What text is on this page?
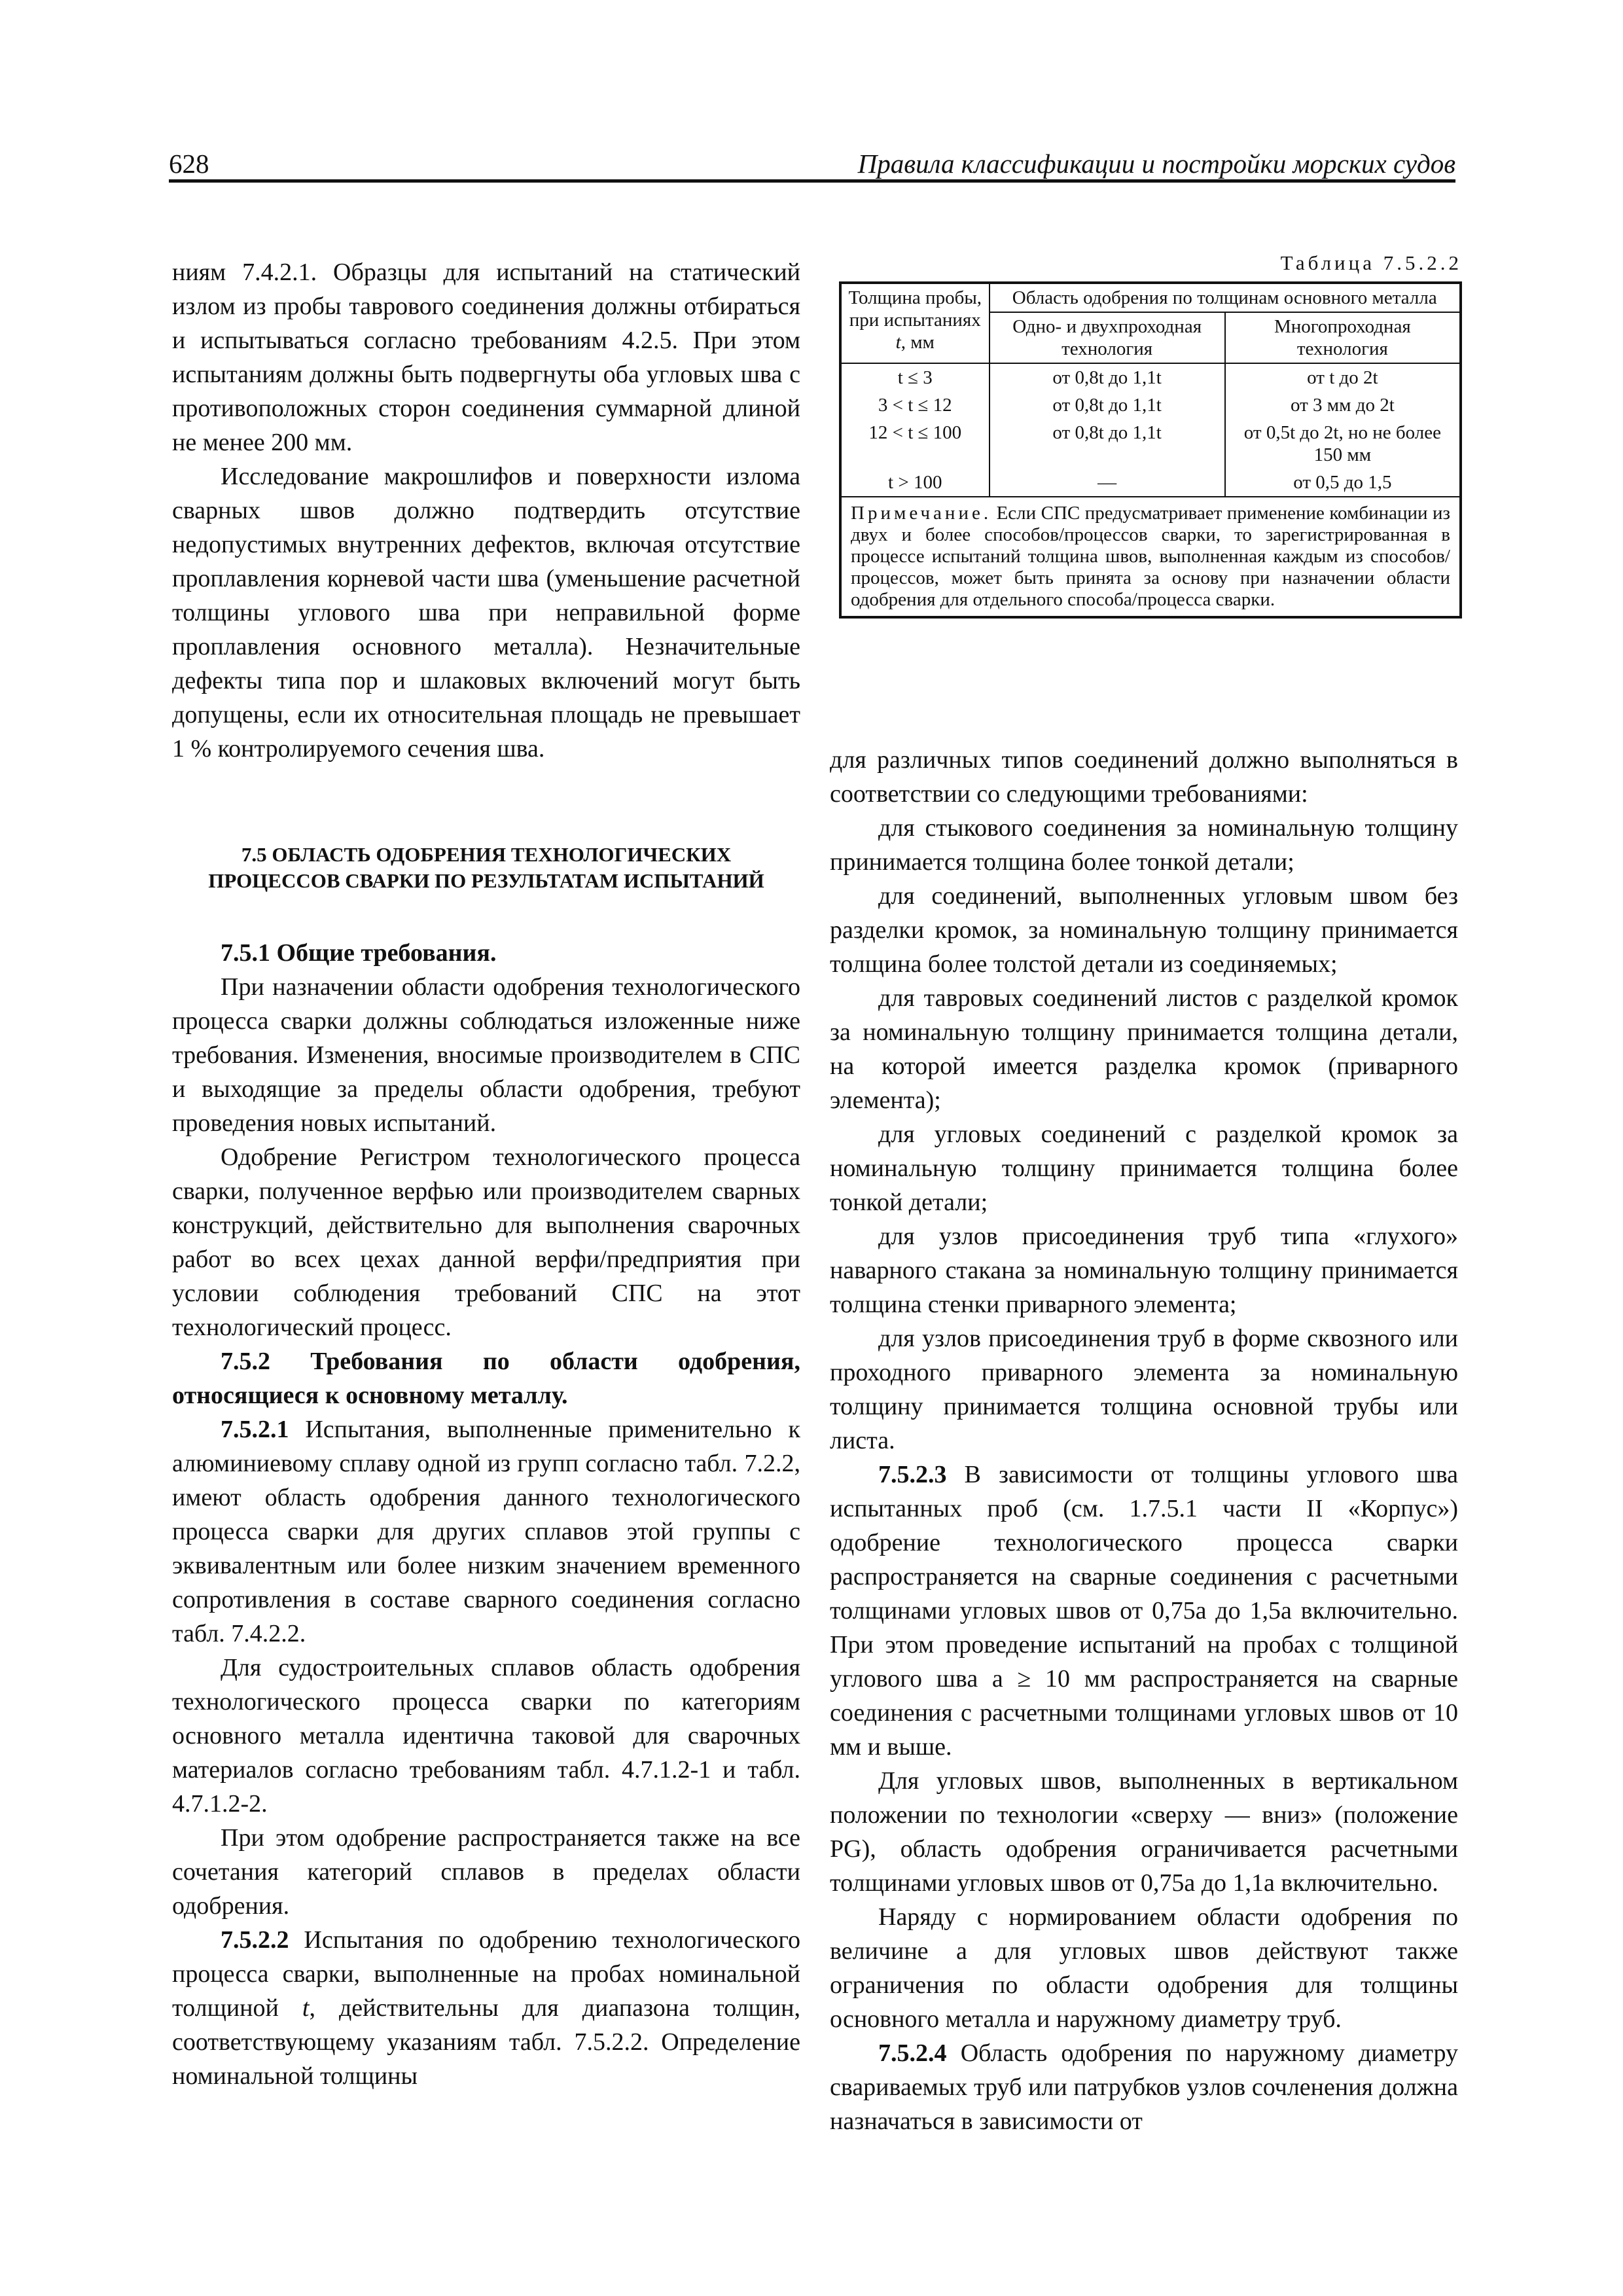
628	Правила классификации и постройки морских судов

ниям 7.4.2.1. Образцы для испытаний на статический излом из пробы таврового соединения должны отбираться и испытываться согласно требованиям 4.2.5. При этом испытаниям должны быть подвергнуты оба угловых шва с противоположных сторон соединения суммарной длиной не менее 200 мм.

Исследование макрошлифов и поверхности излома сварных швов должно подтвердить отсутствие недопустимых внутренних дефектов, включая отсутствие проплавления корневой части шва (уменьшение расчетной толщины углового шва при неправильной форме проплавления основного металла). Незначительные дефекты типа пор и шлаковых включений могут быть допущены, если их относительная площадь не превышает 1 % контролируемого сечения шва.

7.5 ОБЛАСТЬ ОДОБРЕНИЯ ТЕХНОЛОГИЧЕСКИХ
ПРОЦЕССОВ СВАРКИ ПО РЕЗУЛЬТАТАМ ИСПЫТАНИЙ

7.5.1 Общие требования.

При назначении области одобрения технологического процесса сварки должны соблюдаться изложенные ниже требования. Изменения, вносимые производителем в СПС и выходящие за пределы области одобрения, требуют проведения новых испытаний.

Одобрение Регистром технологического процесса сварки, полученное верфью или производителем сварных конструкций, действительно для выполнения сварочных работ во всех цехах данной верфи/предприятия при условии соблюдения требований СПС на этот технологический процесс.

7.5.2 Требования по области одобрения, относящиеся к основному металлу.

7.5.2.1 Испытания, выполненные применительно к алюминиевому сплаву одной из групп согласно табл. 7.2.2, имеют область одобрения данного технологического процесса сварки для других сплавов этой группы с эквивалентным или более низким значением временного сопротивления в составе сварного соединения согласно табл. 7.4.2.2.

Для судостроительных сплавов область одобрения технологического процесса сварки по категориям основного металла идентична таковой для сварочных материалов согласно требованиям табл. 4.7.1.2-1 и табл. 4.7.1.2-2.

При этом одобрение распространяется также на все сочетания категорий сплавов в пределах области одобрения.

7.5.2.2 Испытания по одобрению технологического процесса сварки, выполненные на пробах номинальной толщиной t, действительны для диапазона толщин, соответствующему указаниям табл. 7.5.2.2. Определение номинальной толщины

Таблица 7.5.2.2
Толщина пробы, при испытаниях t, мм	Область одобрения по толщинам основного металла	
	Одно- и двухпроходная технология	Многопроходная технология
t ≤ 3	от 0,8t до 1,1t	от t до 2t
3 < t ≤ 12	от 0,8t до 1,1t	от 3 мм до 2t
12 < t ≤ 100	от 0,8t до 1,1t	от 0,5t до 2t, но не более 150 мм
t > 100	—	от 0,5 до 1,5
Примечание. Если СПС предусматривает применение комбинации из двух и более способов/процессов сварки, то зарегистрированная в процессе испытаний толщина швов, выполненная каждым из способов/процессов, может быть принята за основу при назначении области одобрения для отдельного способа/процесса сварки.		

для различных типов соединений должно выполняться в соответствии со следующими требованиями:

для стыкового соединения за номинальную толщину принимается толщина более тонкой детали;

для соединений, выполненных угловым швом без разделки кромок, за номинальную толщину принимается толщина более толстой детали из соединяемых;

для тавровых соединений листов с разделкой кромок за номинальную толщину принимается толщина детали, на которой имеется разделка кромок (приварного элемента);

для угловых соединений с разделкой кромок за номинальную толщину принимается толщина более тонкой детали;

для узлов присоединения труб типа «глухого» наварного стакана за номинальную толщину принимается толщина стенки приварного элемента;

для узлов присоединения труб в форме сквозного или проходного приварного элемента за номинальную толщину принимается толщина основной трубы или листа.

7.5.2.3 В зависимости от толщины углового шва испытанных проб (см. 1.7.5.1 части II «Корпус») одобрение технологического процесса сварки распространяется на сварные соединения с расчетными толщинами угловых швов от 0,75a до 1,5a включительно. При этом проведение испытаний на пробах с толщиной углового шва a ≥ 10 мм распространяется на сварные соединения с расчетными толщинами угловых швов от 10 мм и выше.

Для угловых швов, выполненных в вертикальном положении по технологии «сверху — вниз» (положение PG), область одобрения ограничивается расчетными толщинами угловых швов от 0,75a до 1,1a включительно.

Наряду с нормированием области одобрения по величине a для угловых швов действуют также ограничения по области одобрения для толщины основного металла и наружному диаметру труб.

7.5.2.4 Область одобрения по наружному диаметру свариваемых труб или патрубков узлов сочленения должна назначаться в зависимости от
